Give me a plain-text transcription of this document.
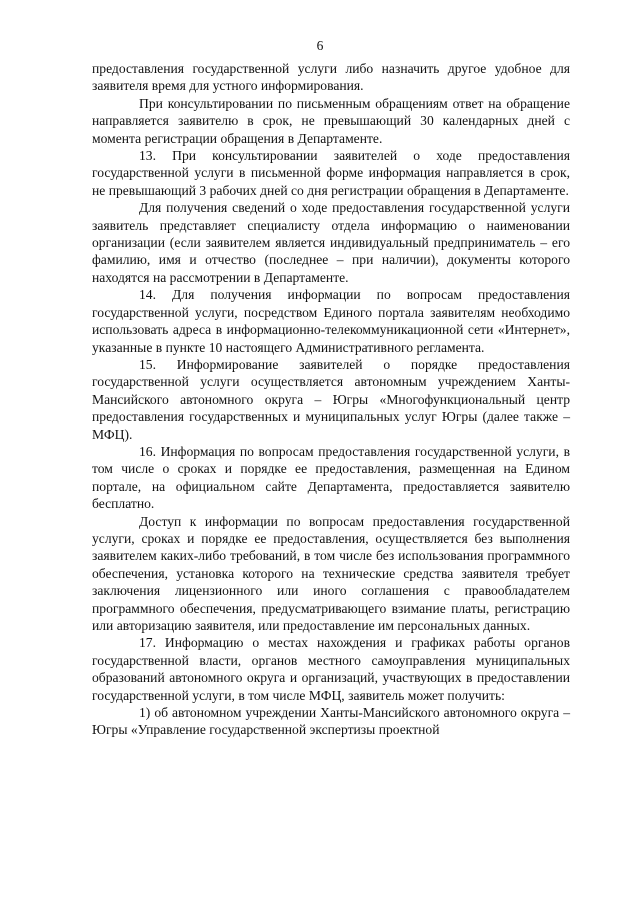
6

предоставления государственной услуги либо назначить другое удобное для заявителя время для устного информирования.

При консультировании по письменным обращениям ответ на обращение направляется заявителю в срок, не превышающий 30 календарных дней с момента регистрации обращения в Департаменте.

13. При консультировании заявителей о ходе предоставления государственной услуги в письменной форме информация направляется в срок, не превышающий 3 рабочих дней со дня регистрации обращения в Департаменте.

Для получения сведений о ходе предоставления государственной услуги заявитель представляет специалисту отдела информацию о наименовании организации (если заявителем является индивидуальный предприниматель – его фамилию, имя и отчество (последнее – при наличии), документы которого находятся на рассмотрении в Департаменте.

14. Для получения информации по вопросам предоставления государственной услуги, посредством Единого портала заявителям необходимо использовать адреса в информационно-телекоммуникационной сети «Интернет», указанные в пункте 10 настоящего Административного регламента.

15. Информирование заявителей о порядке предоставления государственной услуги осуществляется автономным учреждением Ханты-Мансийского автономного округа – Югры «Многофункциональный центр предоставления государственных и муниципальных услуг Югры (далее также – МФЦ).

16. Информация по вопросам предоставления государственной услуги, в том числе о сроках и порядке ее предоставления, размещенная на Едином портале, на официальном сайте Департамента, предоставляется заявителю бесплатно.

Доступ к информации по вопросам предоставления государственной услуги, сроках и порядке ее предоставления, осуществляется без выполнения заявителем каких-либо требований, в том числе без использования программного обеспечения, установка которого на технические средства заявителя требует заключения лицензионного или иного соглашения с правообладателем программного обеспечения, предусматривающего взимание платы, регистрацию или авторизацию заявителя, или предоставление им персональных данных.

17. Информацию о местах нахождения и графиках работы органов государственной власти, органов местного самоуправления муниципальных образований автономного округа и организаций, участвующих в предоставлении государственной услуги, в том числе МФЦ, заявитель может получить:

1) об автономном учреждении Ханты-Мансийского автономного округа – Югры «Управление государственной экспертизы проектной
